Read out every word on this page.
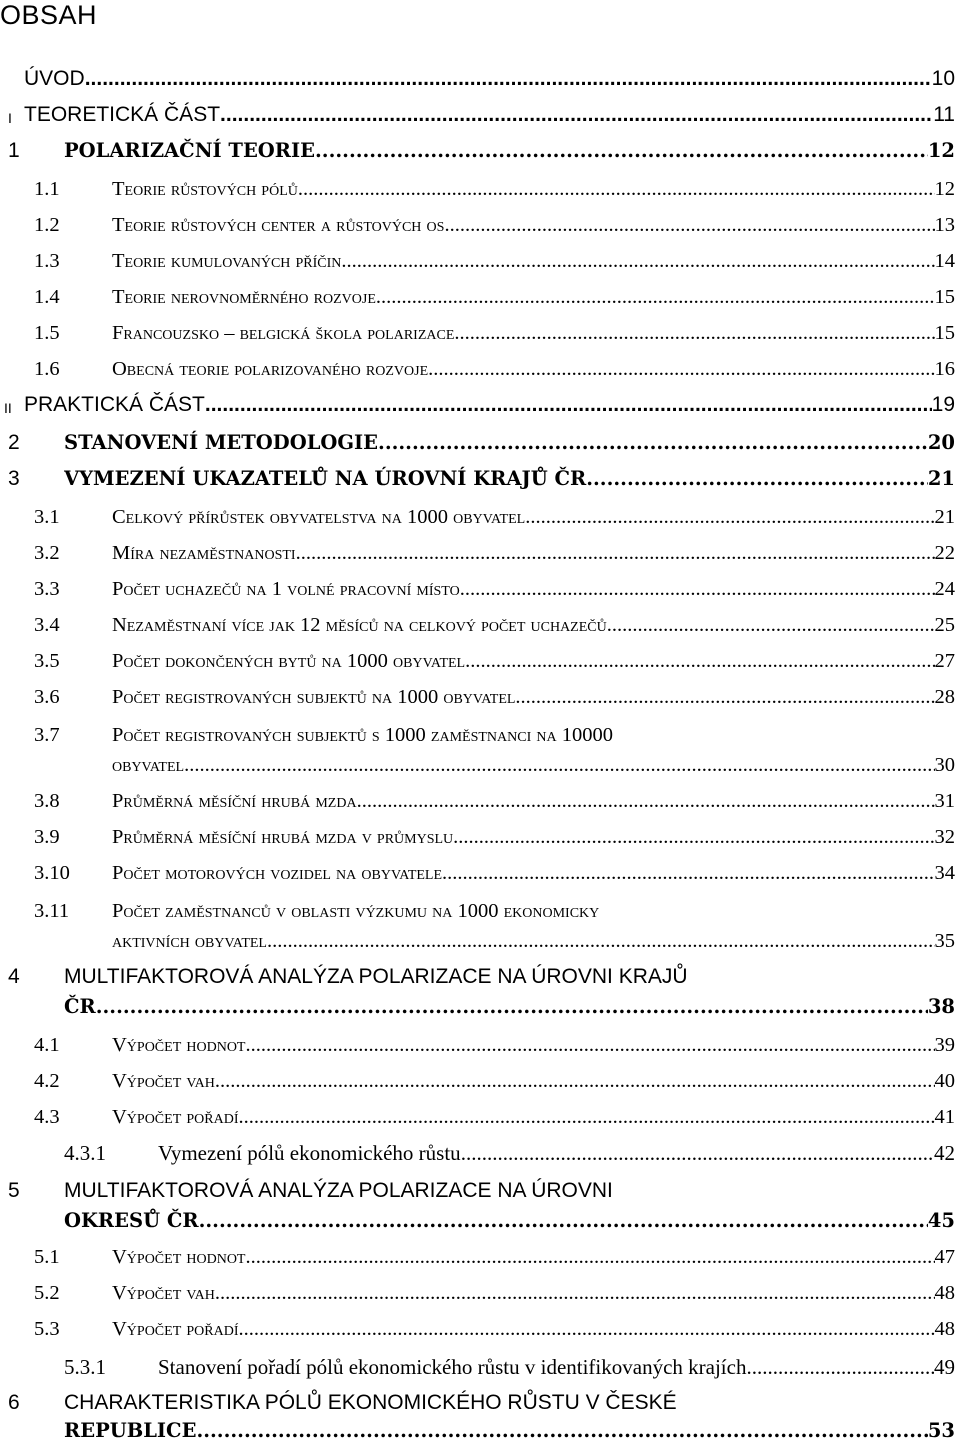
OBSAH
ÚVOD .....	10
I TEORETICKÁ ČÁST .....	11
1 POLARIZAČNÍ TEORIE .....	12
1.1	Teorie růstových pólů .....	12
1.2	Teorie růstových center a růstových os .....	13
1.3	Teorie kumulovaných příčin .....	14
1.4	Teorie nerovnoměrného rozvoje .....	15
1.5	Francouzsko – belgická škola polarizace .....	15
1.6	Obecná teorie polarizovaného rozvoje .....	16
II PRAKTICKÁ ČÁST .....	19
2 STANOVENÍ METODOLOGIE .....	20
3 VYMEZENÍ UKAZATELŮ NA ÚROVNÍ KRAJŮ ČR .....	21
3.1	Celkový přírůstek obyvatelstva na 1000 obyvatel .....	21
3.2	Míra nezaměstnanosti .....	22
3.3	Počet uchazečů na 1 volné pracovní místo .....	24
3.4	Nezaměstnaní více jak 12 měsíců na celkový počet uchazečů .....	25
3.5	Počet dokončených bytů na 1000 obyvatel .....	27
3.6	Počet registrovaných subjektů na 1000 obyvatel .....	28
3.7	Počet registrovaných subjektů s 1000 zaměstnanci na 10000
obyvatel .....	30
3.8	Průměrná měsíční hrubá mzda .....	31
3.9	Průměrná měsíční hrubá mzda v průmyslu .....	32
3.10 Počet motorových vozidel na obyvatele .....	34
3.11 Počet zaměstnanců v oblasti výzkumu na 1000 ekonomicky
aktivních obyvatel .....	35
4 MULTIFAKTOROVÁ ANALÝZA POLARIZACE NA ÚROVNI KRAJŮ
ČR .....	38
4.1	Výpočet hodnot .....	39
4.2	Výpočet vah .....	40
4.3	Výpočet pořadí .....	41
4.3.1 Vymezení pólů ekonomického růstu .....	42
5 MULTIFAKTOROVÁ ANALÝZA POLARIZACE NA ÚROVNI
OKRESŮ ČR .....	45
5.1	Výpočet hodnot .....	47
5.2	Výpočet vah .....	48
5.3	Výpočet pořadí .....	48
5.3.1 Stanovení pořadí pólů ekonomického růstu v identifikovaných krajích .....	49
6 CHARAKTERISTIKA PÓLŮ EKONOMICKÉHO RŮSTU V ČESKÉ
REPUBLICE .....	53
